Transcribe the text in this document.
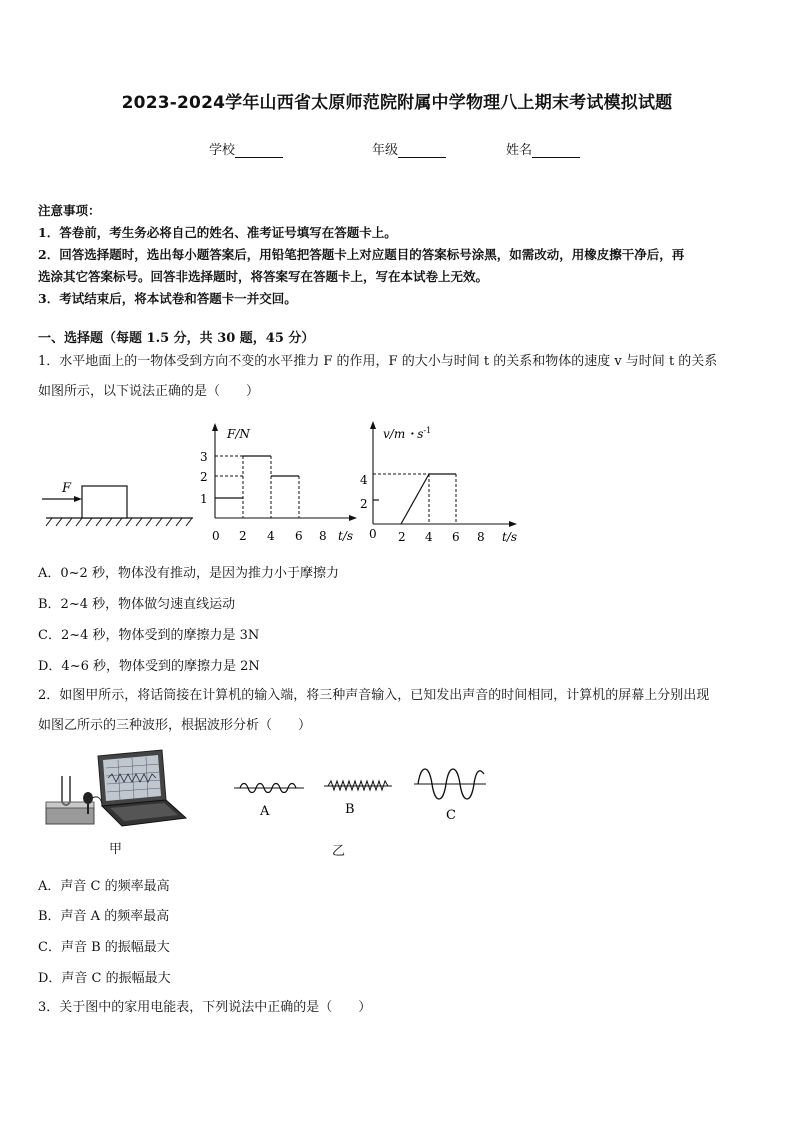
2023-2024学年山西省太原师范院附属中学物理八上期末考试模拟试题
学校	年级	姓名
注意事项：
1．答卷前，考生务必将自己的姓名、准考证号填写在答题卡上。
2．回答选择题时，选出每小题答案后，用铅笔把答题卡上对应题目的答案标号涂黑，如需改动，用橡皮擦干净后，再
选涂其它答案标号。回答非选择题时，将答案写在答题卡上，写在本试卷上无效。
3．考试结束后，将本试卷和答题卡一并交回。
一、选择题（每题 1.5 分，共 30 题，45 分）
1．水平地面上的一物体受到方向不变的水平推力 F 的作用，F 的大小与时间 t 的关系和物体的速度 v 与时间 t 的关系
如图所示，以下说法正确的是（　　）
F
F/N
3
2
1
0 2 4 6 8 t/s
v/m・$s^{-1}$
4
2
0 2 4 6 8 t/s
A．0~2 秒，物体没有推动，是因为推力小于摩擦力
B．2~4 秒，物体做匀速直线运动
C．2~4 秒，物体受到的摩擦力是 3N
D．4~6 秒，物体受到的摩擦力是 2N
2．如图甲所示，将话筒接在计算机的输入端，将三种声音输入，已知发出声音的时间相同，计算机的屏幕上分别出现
如图乙所示的三种波形，根据波形分析（　　）
A	B	C
甲	乙
A．声音 C 的频率最高
B．声音 A 的频率最高
C．声音 B 的振幅最大
D．声音 C 的振幅最大
3．关于图中的家用电能表，下列说法中正确的是（　　）
